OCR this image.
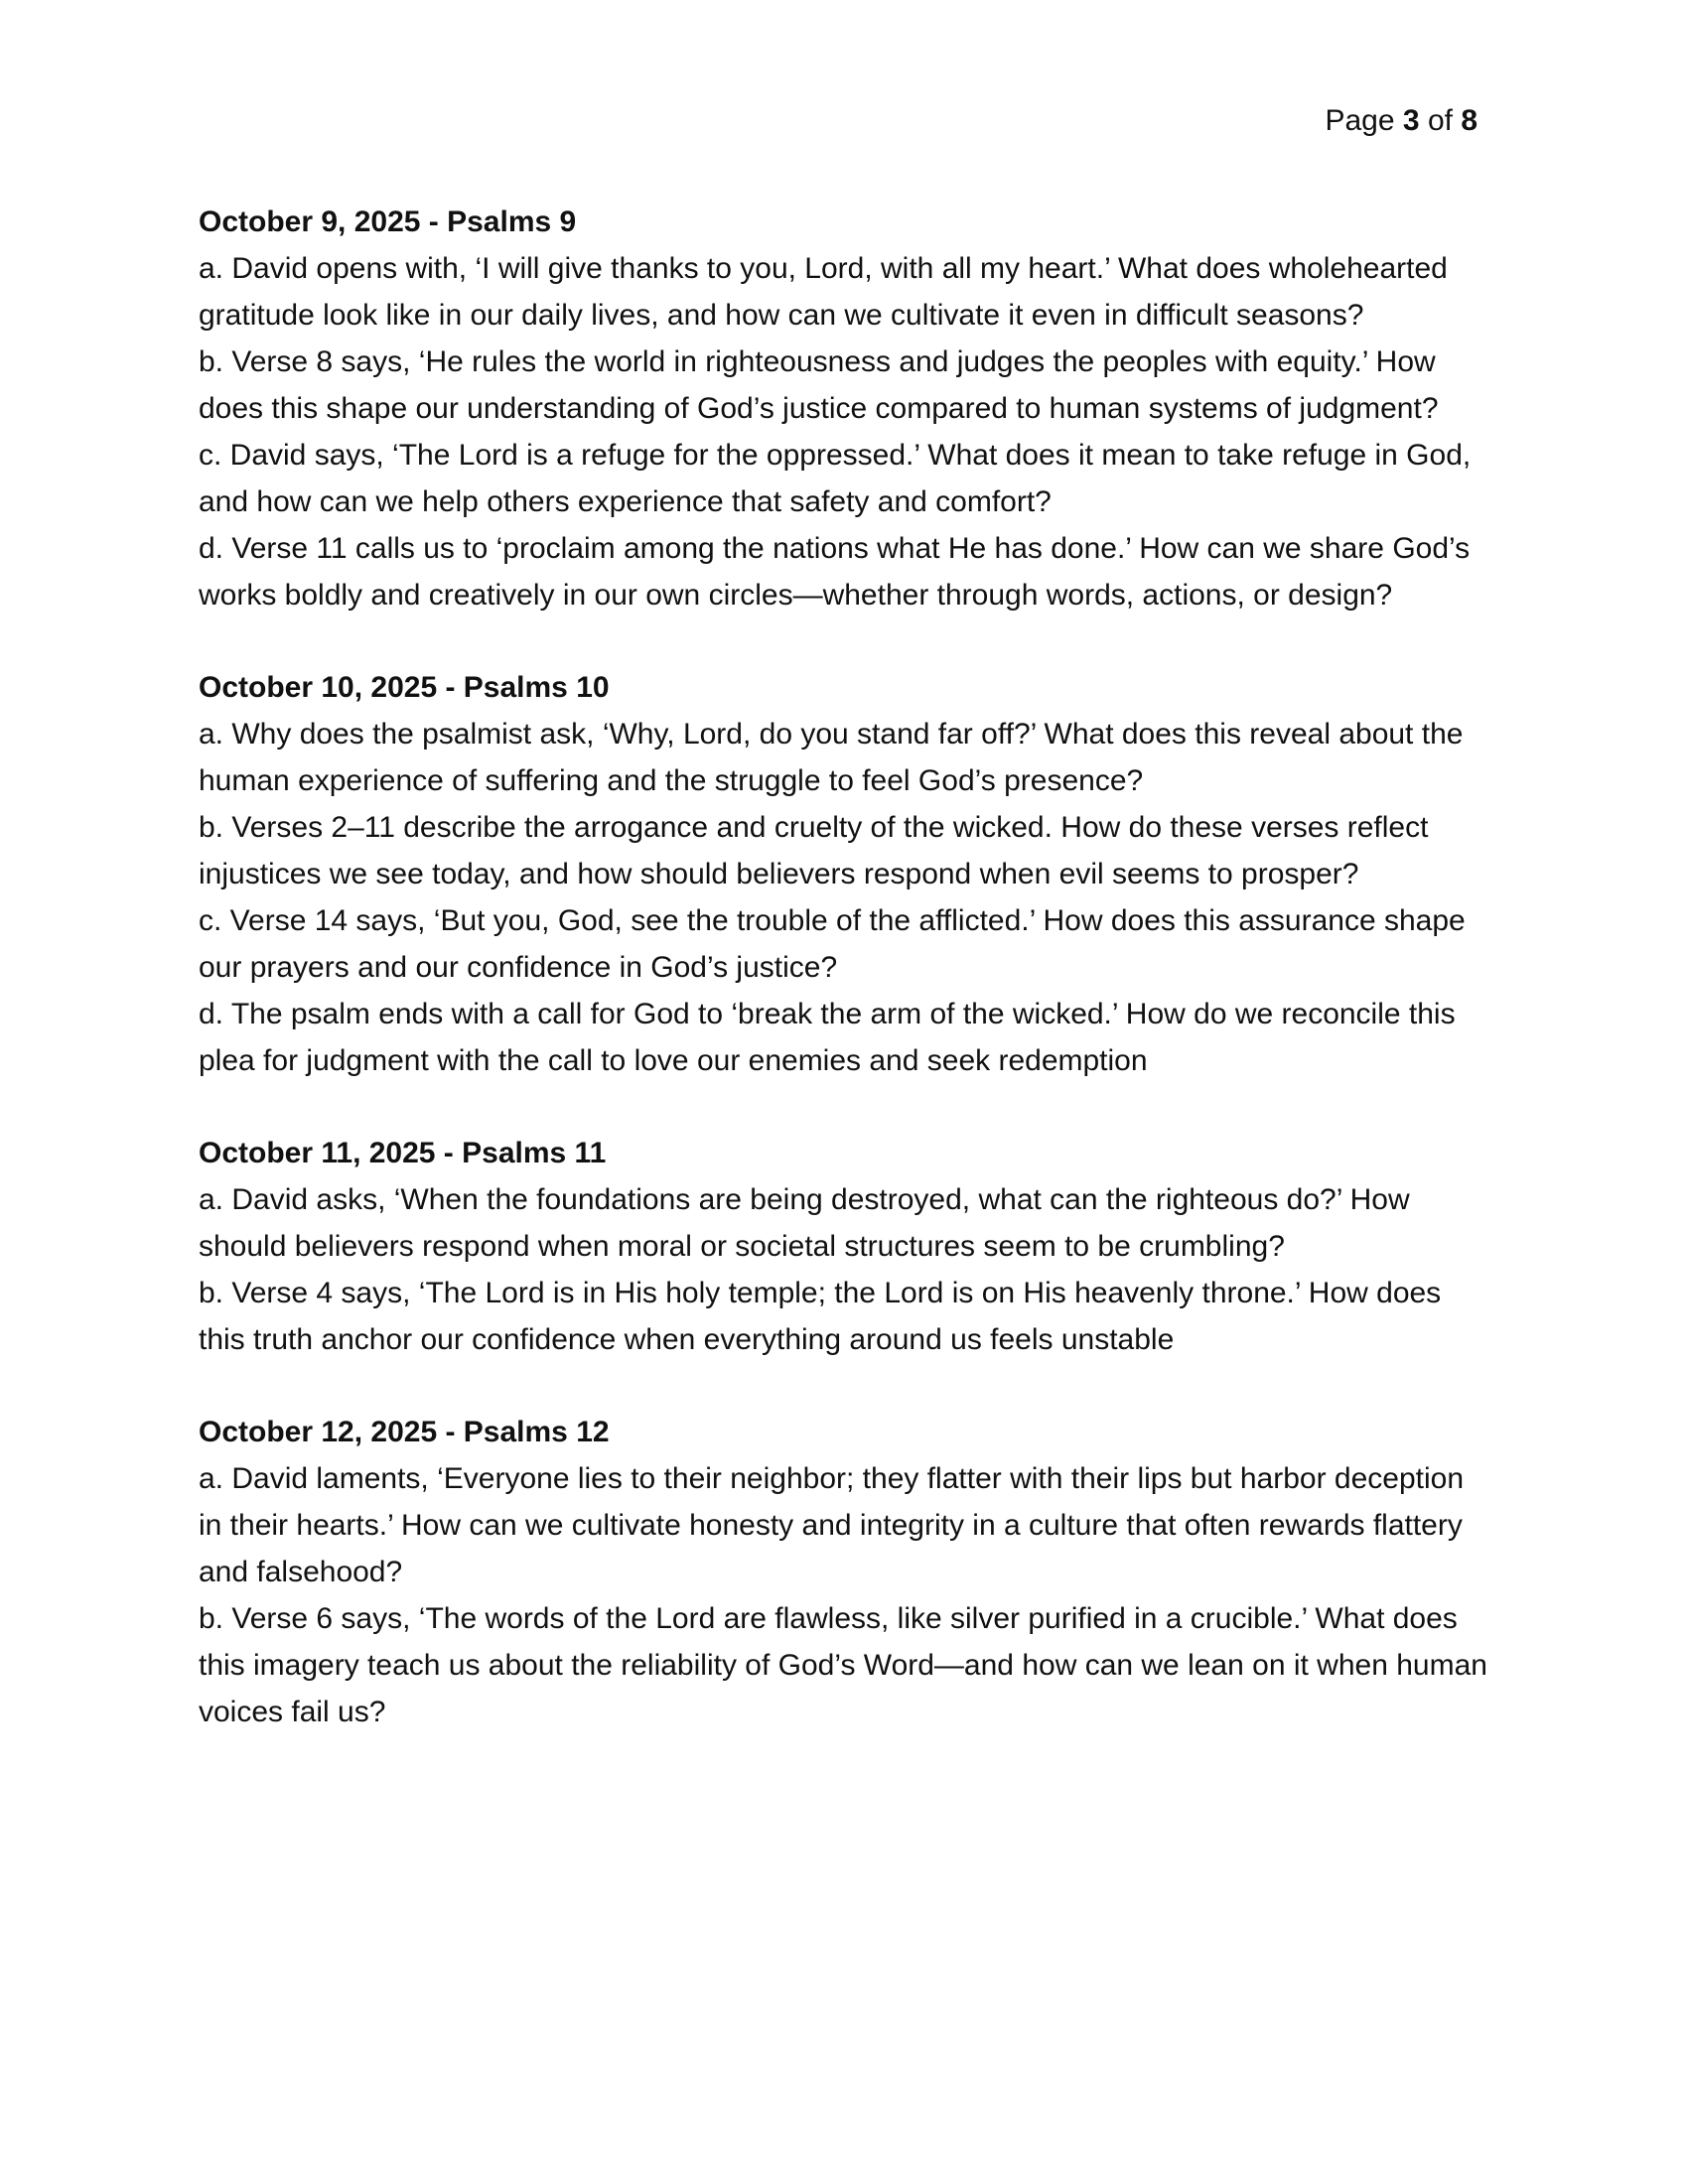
Page 3 of 8

October 9, 2025 - Psalms 9

a. David opens with, ‘I will give thanks to you, Lord, with all my heart.’ What does wholehearted gratitude look like in our daily lives, and how can we cultivate it even in difficult seasons?

b. Verse 8 says, ‘He rules the world in righteousness and judges the peoples with equity.’ How does this shape our understanding of God’s justice compared to human systems of judgment?

c. David says, ‘The Lord is a refuge for the oppressed.’ What does it mean to take refuge in God, and how can we help others experience that safety and comfort?

d. Verse 11 calls us to ‘proclaim among the nations what He has done.’ How can we share God’s works boldly and creatively in our own circles—whether through words, actions, or design?

October 10, 2025 - Psalms 10

a. Why does the psalmist ask, ‘Why, Lord, do you stand far off?’ What does this reveal about the human experience of suffering and the struggle to feel God’s presence?

b. Verses 2–11 describe the arrogance and cruelty of the wicked. How do these verses reflect injustices we see today, and how should believers respond when evil seems to prosper?

c. Verse 14 says, ‘But you, God, see the trouble of the afflicted.’ How does this assurance shape our prayers and our confidence in God’s justice?

d. The psalm ends with a call for God to ‘break the arm of the wicked.’ How do we reconcile this plea for judgment with the call to love our enemies and seek redemption

October 11, 2025 - Psalms 11

a. David asks, ‘When the foundations are being destroyed, what can the righteous do?’ How should believers respond when moral or societal structures seem to be crumbling?

b. Verse 4 says, ‘The Lord is in His holy temple; the Lord is on His heavenly throne.’ How does this truth anchor our confidence when everything around us feels unstable

October 12, 2025 - Psalms 12

a. David laments, ‘Everyone lies to their neighbor; they flatter with their lips but harbor deception in their hearts.’ How can we cultivate honesty and integrity in a culture that often rewards flattery and falsehood?

b. Verse 6 says, ‘The words of the Lord are flawless, like silver purified in a crucible.’ What does this imagery teach us about the reliability of God’s Word—and how can we lean on it when human voices fail us?
